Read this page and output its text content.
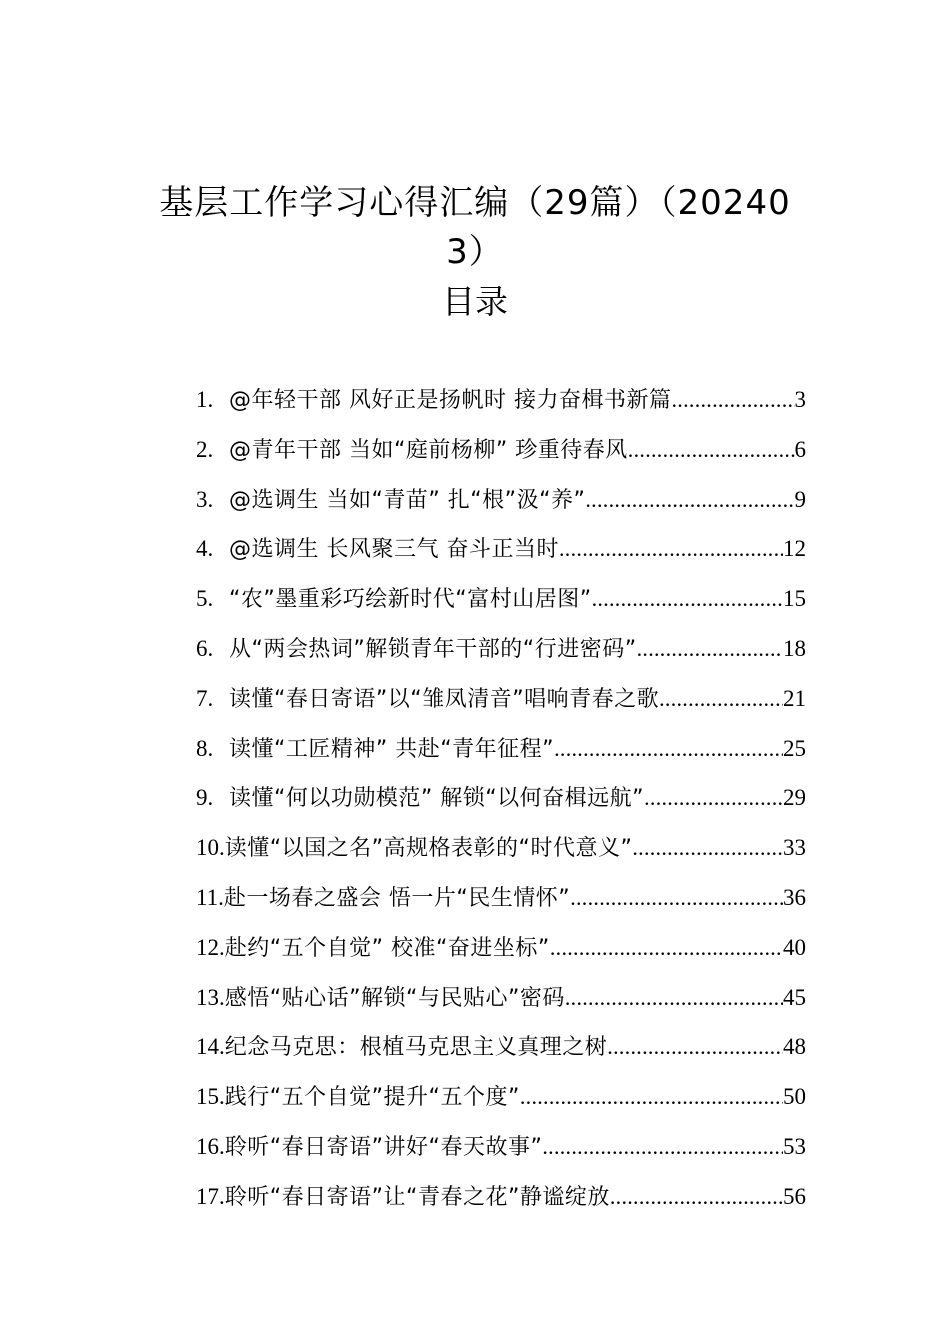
基层工作学习心得汇编（29篇）（20240
3）
目录
1. @年轻干部 风好正是扬帆时 接力奋楫书新篇 .....	3
2. @青年干部 当如“庭前杨柳” 珍重待春风 .....	6
3. @选调生 当如“青苗” 扎“根”汲“养” .....	9
4. @选调生 长风聚三气 奋斗正当时 .....	12
5. “农”墨重彩巧绘新时代“富村山居图” .....	15
6. 从“两会热词”解锁青年干部的“行进密码” .....	18
7. 读懂“春日寄语”以“雏凤清音”唱响青春之歌 .....	21
8. 读懂“工匠精神” 共赴“青年征程” .....	25
9. 读懂“何以功勋模范” 解锁“以何奋楫远航” .....	29
10. 读懂“以国之名”高规格表彰的“时代意义” .....	33
11. 赴一场春之盛会 悟一片“民生情怀” .....	36
12. 赴约“五个自觉” 校准“奋进坐标” .....	40
13. 感悟“贴心话”解锁“与民贴心”密码 .....	45
14. 纪念马克思：根植马克思主义真理之树 .....	48
15. 践行“五个自觉”提升“五个度” .....	50
16. 聆听“春日寄语”讲好“春天故事” .....	53
17. 聆听“春日寄语”让“青春之花”静谧绽放 .....	56
